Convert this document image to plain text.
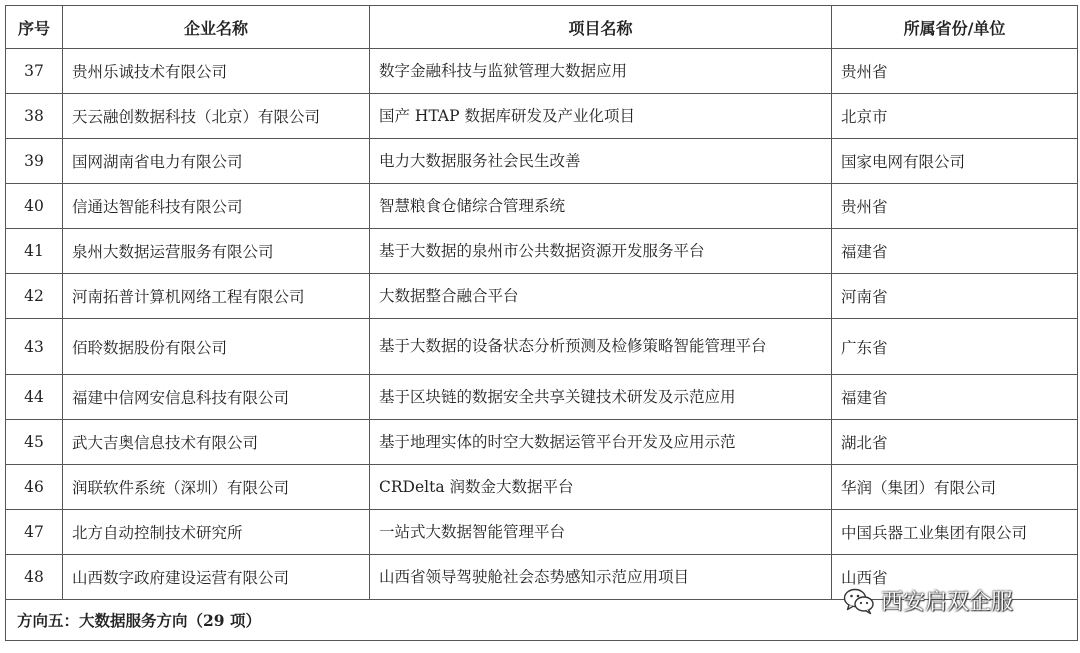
序号	企业名称	项目名称	所属省份/单位
37	贵州乐诚技术有限公司	数字金融科技与监狱管理大数据应用	贵州省
38	天云融创数据科技（北京）有限公司	国产 HTAP 数据库研发及产业化项目	北京市
39	国网湖南省电力有限公司	电力大数据服务社会民生改善	国家电网有限公司
40	信通达智能科技有限公司	智慧粮食仓储综合管理系统	贵州省
41	泉州大数据运营服务有限公司	基于大数据的泉州市公共数据资源开发服务平台	福建省
42	河南拓普计算机网络工程有限公司	大数据整合融合平台	河南省
43	佰聆数据股份有限公司	基于大数据的设备状态分析预测及检修策略智能管理平台	广东省
44	福建中信网安信息科技有限公司	基于区块链的数据安全共享关键技术研发及示范应用	福建省
45	武大吉奥信息技术有限公司	基于地理实体的时空大数据运管平台开发及应用示范	湖北省
46	润联软件系统（深圳）有限公司	CRDelta 润数金大数据平台	华润（集团）有限公司
47	北方自动控制技术研究所	一站式大数据智能管理平台	中国兵器工业集团有限公司
48	山西数字政府建设运营有限公司	山西省领导驾驶舱社会态势感知示范应用项目	山西省
方向五：大数据服务方向（29 项）			
西安启双企服
